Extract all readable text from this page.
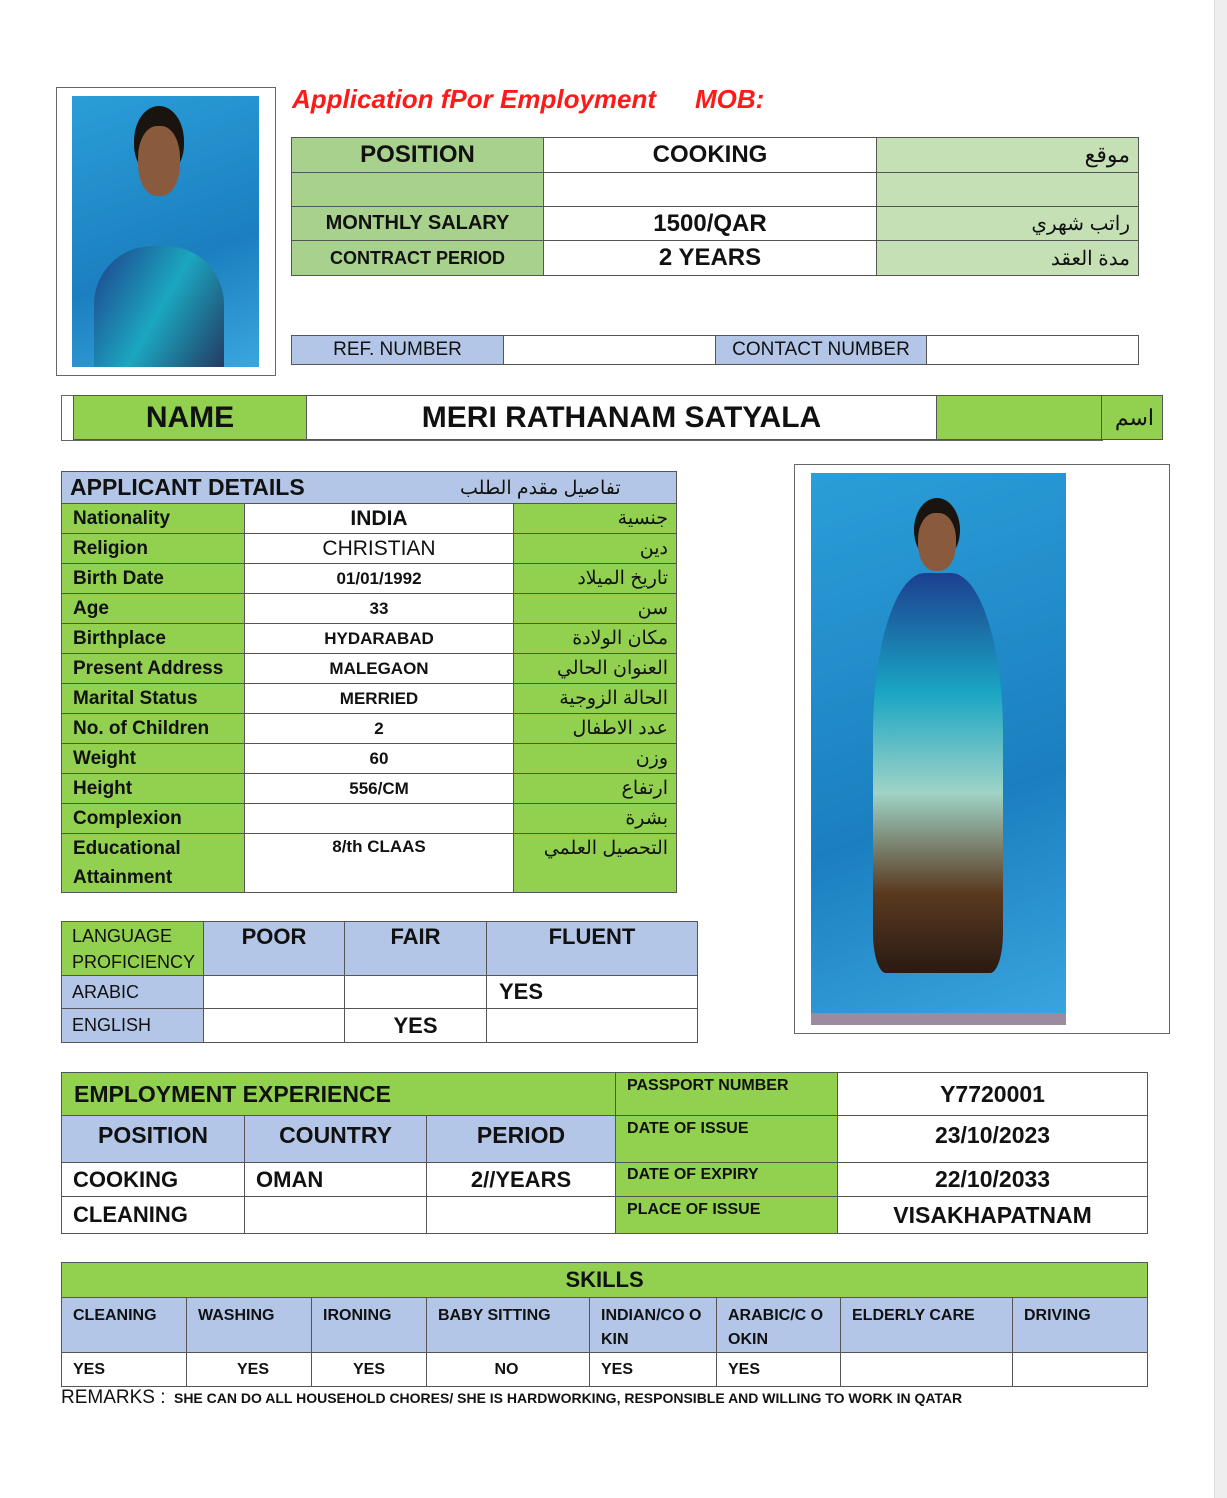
Application fPor Employment MOB:
POSITION	COOKING	موقع

MONTHLY SALARY	1500/QAR	راتب شهري
CONTRACT PERIOD	2 YEARS	مدة العقد
REF. NUMBER		CONTACT NUMBER	
NAME	MERI RATHANAM SATYALA		اسم
APPLICANT DETAILS تفاصيل مقدم الطلب		

Nationality	INDIA	جنسية
Religion	CHRISTIAN	دين
Birth Date	01/01/1992	تاريخ الميلاد
Age	33	سن
Birthplace	HYDARABAD	مكان الولادة
Present Address	MALEGAON	العنوان الحالي
Marital Status	MERRIED	الحالة الزوجية
No. of Children	2	عدد الاطفال
Weight	60	وزن
Height	556/CM	ارتفاع
Complexion		بشرة
Educational Attainment	8/th CLAAS	التحصيل العلمي
LANGUAGE PROFICIENCY	POOR	FAIR	FLUENT
ARABIC			YES
ENGLISH		YES	
EMPLOYMENT EXPERIENCE			PASSPORT NUMBER	Y7720001
POSITION	COUNTRY	PERIOD	DATE OF ISSUE	23/10/2023
COOKING	OMAN	2//YEARS	DATE OF EXPIRY	22/10/2033
CLEANING			PLACE OF ISSUE	VISAKHAPATNAM
SKILLS							
CLEANING	WASHING	IRONING	BABY SITTING	INDIAN/CO OKIN	ARABIC/C OOKIN	ELDERLY CARE	DRIVING
YES	YES	YES	NO	YES	YES		
REMARKS : SHE CAN DO ALL HOUSEHOLD CHORES/ SHE IS HARDWORKING, RESPONSIBLE AND WILLING TO WORK IN QATAR
